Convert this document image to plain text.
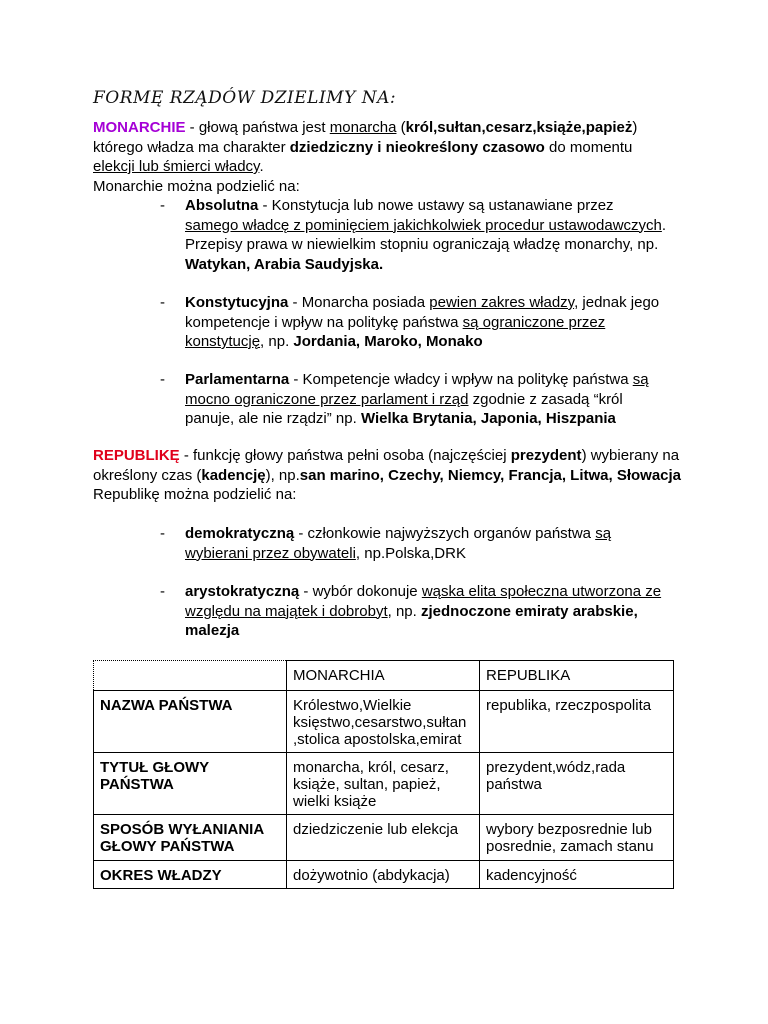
FORMĘ RZĄDÓW DZIELIMY NA:
MONARCHIE - głową państwa jest monarcha (król,sułtan,cesarz,książe,papież)
którego władza ma charakter dziedziczny i nieokreślony czasowo do momentu
elekcji lub śmierci władcy.
Monarchie można podzielić na:
- Absolutna - Konstytucja lub nowe ustawy są ustanawiane przez samego władcę z pominięciem jakichkolwiek procedur ustawodawczych. Przepisy prawa w niewielkim stopniu ograniczają władzę monarchy, np. Watykan, Arabia Saudyjska.
- Konstytucyjna - Monarcha posiada pewien zakres władzy, jednak jego kompetencje i wpływ na politykę państwa są ograniczone przez konstytucję, np. Jordania, Maroko, Monako
- Parlamentarna - Kompetencje władcy i wpływ na politykę państwa są mocno ograniczone przez parlament i rząd zgodnie z zasadą “król panuje, ale nie rządzi” np. Wielka Brytania, Japonia, Hiszpania
REPUBLIKĘ - funkcję głowy państwa pełni osoba (najczęściej prezydent) wybierany na określony czas (kadencję), np.san marino, Czechy, Niemcy, Francja, Litwa, Słowacja
Republikę można podzielić na:
- demokratyczną - członkowie najwyższych organów państwa są wybierani przez obywateli, np.Polska,DRK
- arystokratyczną - wybór dokonuje wąska elita społeczna utworzona ze względu na majątek i dobrobyt, np. zjednoczone emiraty arabskie, malezja
	MONARCHIA	REPUBLIKA
NAZWA PAŃSTWA	Królestwo,Wielkie księstwo,cesarstwo,sułtan ,stolica apostolska,emirat	republika, rzeczpospolita
TYTUŁ GŁOWY PAŃSTWA	monarcha, król, cesarz, książe, sultan, papież, wielki książe	prezydent,wódz,rada państwa
SPOSÓB WYŁANIANIA GŁOWY PAŃSTWA	dziedziczenie lub elekcja	wybory bezposrednie lub posrednie, zamach stanu
OKRES WŁADZY	dożywotnio (abdykacja)	kadencyjność
